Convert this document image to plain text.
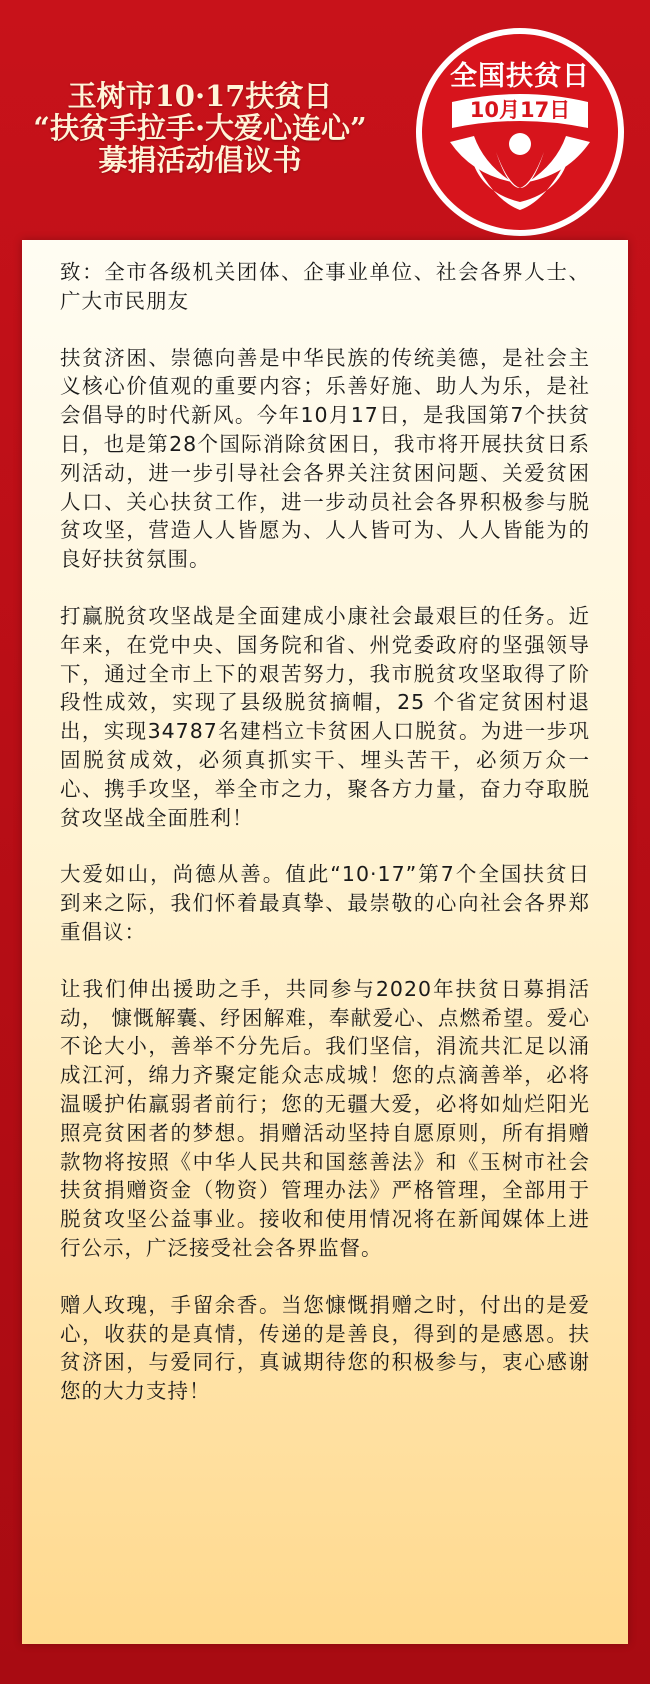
玉树市10·17扶贫日
“扶贫手拉手·大爱心连心”
募捐活动倡议书
全国扶贫日
10月17日

致：全市各级机关团体、企事业单位、社会各界人士、广大市民朋友

扶贫济困、崇德向善是中华民族的传统美德，是社会主义核心价值观的重要内容；乐善好施、助人为乐，是社会倡导的时代新风。今年10月17日，是我国第7个扶贫日，也是第28个国际消除贫困日，我市将开展扶贫日系列活动，进一步引导社会各界关注贫困问题、关爱贫困人口、关心扶贫工作，进一步动员社会各界积极参与脱贫攻坚，营造人人皆愿为、人人皆可为、人人皆能为的良好扶贫氛围。

打赢脱贫攻坚战是全面建成小康社会最艰巨的任务。近年来，在党中央、国务院和省、州党委政府的坚强领导下，通过全市上下的艰苦努力，我市脱贫攻坚取得了阶段性成效，实现了县级脱贫摘帽，25 个省定贫困村退出，实现34787名建档立卡贫困人口脱贫。为进一步巩固脱贫成效，必须真抓实干、埋头苦干，必须万众一心、携手攻坚，举全市之力，聚各方力量，奋力夺取脱贫攻坚战全面胜利！

大爱如山，尚德从善。值此“10·17”第7个全国扶贫日到来之际，我们怀着最真挚、最崇敬的心向社会各界郑重倡议：

让我们伸出援助之手，共同参与2020年扶贫日募捐活动， 慷慨解囊、纾困解难，奉献爱心、点燃希望。爱心不论大小，善举不分先后。我们坚信，涓流共汇足以涌成江河，绵力齐聚定能众志成城！您的点滴善举，必将温暖护佑羸弱者前行；您的无疆大爱，必将如灿烂阳光照亮贫困者的梦想。捐赠活动坚持自愿原则，所有捐赠款物将按照《中华人民共和国慈善法》和《玉树市社会扶贫捐赠资金（物资）管理办法》严格管理，全部用于脱贫攻坚公益事业。接收和使用情况将在新闻媒体上进行公示，广泛接受社会各界监督。

赠人玫瑰，手留余香。当您慷慨捐赠之时，付出的是爱心，收获的是真情，传递的是善良，得到的是感恩。扶贫济困，与爱同行，真诚期待您的积极参与，衷心感谢您的大力支持！
